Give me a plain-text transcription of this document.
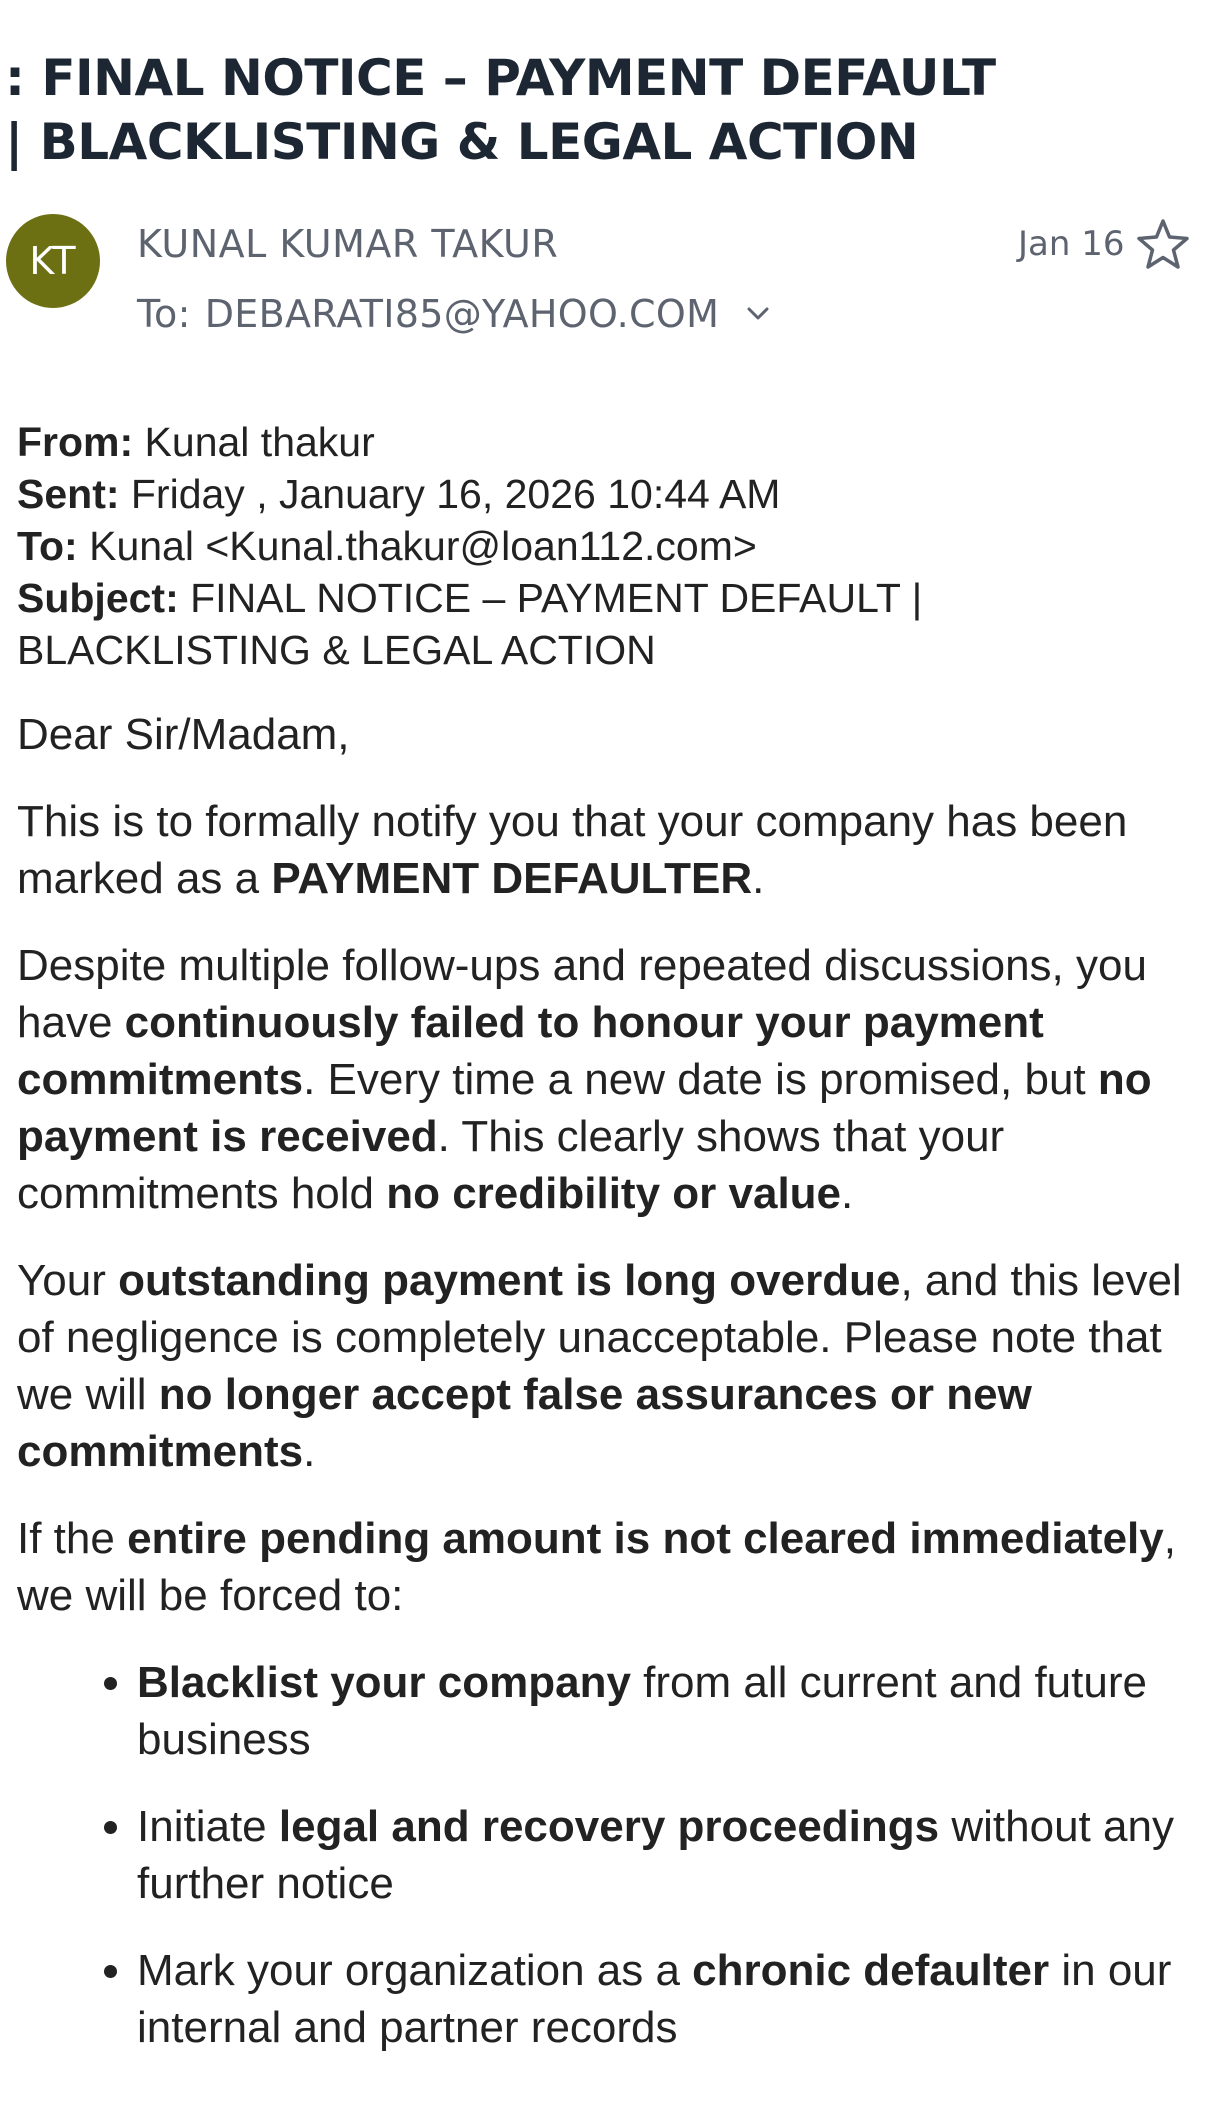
: FINAL NOTICE – PAYMENT DEFAULT | BLACKLISTING & LEGAL ACTION
KT	KUNAL KUMAR TAKUR
To: DEBARATI85@YAHOO.COM
Jan 16
From: Kunal thakur
Sent: Friday , January 16, 2026 10:44 AM
To: Kunal <Kunal.thakur@loan112.com>
Subject: FINAL NOTICE – PAYMENT DEFAULT | BLACKLISTING & LEGAL ACTION
Dear Sir/Madam,
This is to formally notify you that your company has been marked as a PAYMENT DEFAULTER.
Despite multiple follow-ups and repeated discussions, you have continuously failed to honour your payment commitments. Every time a new date is promised, but no payment is received. This clearly shows that your commitments hold no credibility or value.
Your outstanding payment is long overdue, and this level of negligence is completely unacceptable. Please note that we will no longer accept false assurances or new commitments.
If the entire pending amount is not cleared immediately, we will be forced to:
• Blacklist your company from all current and future business
• Initiate legal and recovery proceedings without any further notice
• Mark your organization as a chronic defaulter in our internal and partner records
